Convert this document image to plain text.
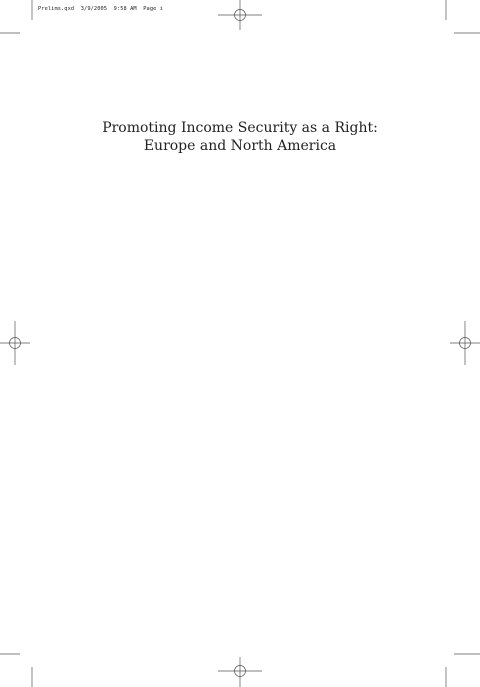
Prelims.qxd  3/9/2005  9:58 AM  Page i
Promoting Income Security as a Right:
Europe and North America
